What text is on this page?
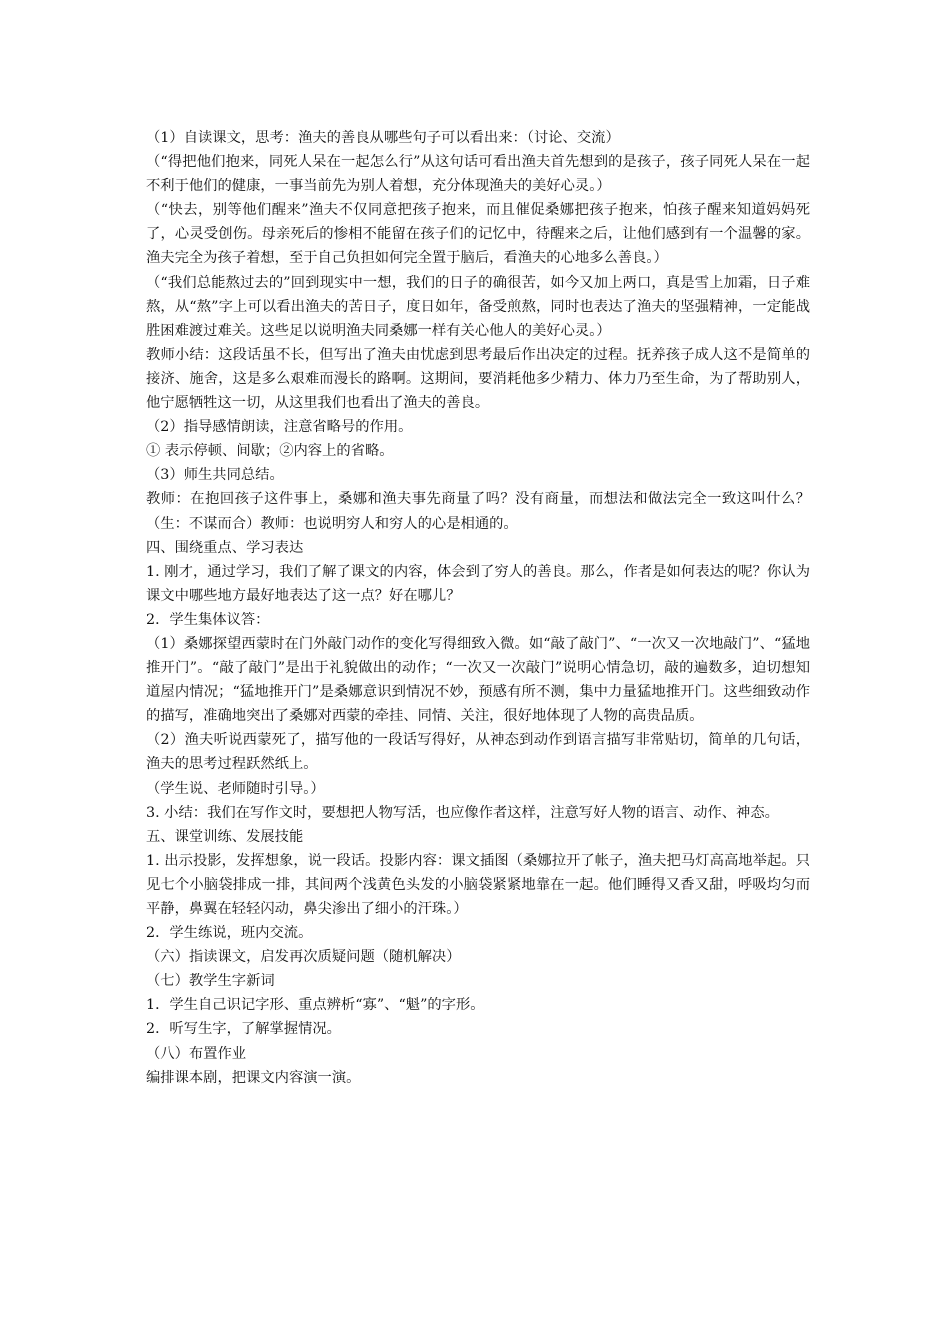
（1）自读课文，思考：渔夫的善良从哪些句子可以看出来：（讨论、交流）

（“得把他们抱来，同死人呆在一起怎么行”从这句话可看出渔夫首先想到的是孩子，孩子同死人呆在一起不利于他们的健康，一事当前先为别人着想，充分体现渔夫的美好心灵。）

（“快去，别等他们醒来”渔夫不仅同意把孩子抱来，而且催促桑娜把孩子抱来，怕孩子醒来知道妈妈死了，心灵受创伤。母亲死后的惨相不能留在孩子们的记忆中，待醒来之后，让他们感到有一个温馨的家。渔夫完全为孩子着想，至于自己负担如何完全置于脑后，看渔夫的心地多么善良。）

（“我们总能熬过去的”回到现实中一想，我们的日子的确很苦，如今又加上两口，真是雪上加霜，日子难熬，从“熬”字上可以看出渔夫的苦日子，度日如年，备受煎熬，同时也表达了渔夫的坚强精神，一定能战胜困难渡过难关。这些足以说明渔夫同桑娜一样有关心他人的美好心灵。）

教师小结：这段话虽不长，但写出了渔夫由忧虑到思考最后作出决定的过程。抚养孩子成人这不是简单的接济、施舍，这是多么艰难而漫长的路啊。这期间，要消耗他多少精力、体力乃至生命，为了帮助别人，他宁愿牺牲这一切，从这里我们也看出了渔夫的善良。

（2）指导感情朗读，注意省略号的作用。

① 表示停顿、间歇；②内容上的省略。

（3）师生共同总结。

教师：在抱回孩子这件事上，桑娜和渔夫事先商量了吗？没有商量，而想法和做法完全一致这叫什么？（生：不谋而合）教师：也说明穷人和穷人的心是相通的。

四、围绕重点、学习表达

1. 刚才，通过学习，我们了解了课文的内容，体会到了穷人的善良。那么，作者是如何表达的呢？你认为课文中哪些地方最好地表达了这一点？好在哪儿？

2．学生集体议答：

（1）桑娜探望西蒙时在门外敲门动作的变化写得细致入微。如“敲了敲门”、“一次又一次地敲门”、“猛地推开门”。“敲了敲门”是出于礼貌做出的动作；“一次又一次敲门”说明心情急切，敲的遍数多，迫切想知道屋内情况；“猛地推开门”是桑娜意识到情况不妙，预感有所不测，集中力量猛地推开门。这些细致动作的描写，准确地突出了桑娜对西蒙的牵挂、同情、关注，很好地体现了人物的高贵品质。

（2）渔夫听说西蒙死了，描写他的一段话写得好，从神态到动作到语言描写非常贴切，简单的几句话，渔夫的思考过程跃然纸上。

（学生说、老师随时引导。）

3. 小结：我们在写作文时，要想把人物写活，也应像作者这样，注意写好人物的语言、动作、神态。

五、课堂训练、发展技能

1. 出示投影，发挥想象，说一段话。投影内容：课文插图（桑娜拉开了帐子，渔夫把马灯高高地举起。只见七个小脑袋排成一排，其间两个浅黄色头发的小脑袋紧紧地靠在一起。他们睡得又香又甜，呼吸均匀而平静，鼻翼在轻轻闪动，鼻尖渗出了细小的汗珠。）

2．学生练说，班内交流。

（六）指读课文，启发再次质疑问题（随机解决）

（七）教学生字新词

1．学生自己识记字形、重点辨析“寡”、“魁”的字形。

2．听写生字，了解掌握情况。

（八）布置作业

编排课本剧，把课文内容演一演。
